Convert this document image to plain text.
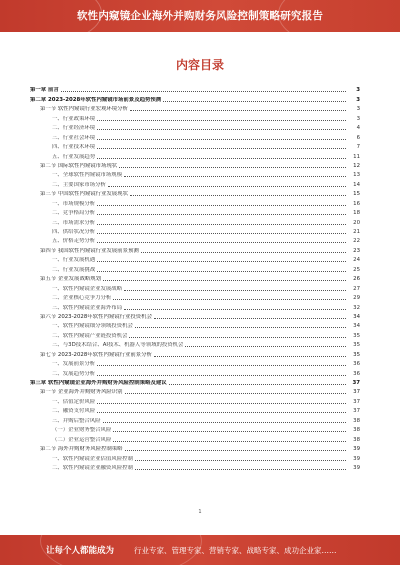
软性内窥镜企业海外并购财务风险控制策略研究报告
内容目录
第一章 前言	3
第二章 2023-2028年软性内窥镜市场前景及趋势预测	3
第一节 软性内窥镜行业宏观环境分析	3
一、行业政策环境	3
二、行业经济环境	4
三、行业社会环境	6
四、行业技术环境	7
五、行业发展趋势	11
第二节 国际软性内窥镜市场现状	12
一、全球软性内窥镜市场规模	13
二、主要国家市场分析	14
第三节 中国软性内窥镜行业发展现状	15
一、市场规模分析	16
二、竞争格局分析	18
三、市场需求分析	20
四、供给状况分析	21
五、价格走势分析	22
第四节 我国软性内窥镜行业发展前景预测	23
一、行业发展机遇	24
二、行业发展挑战	25
第五节 企业发展战略规划	26
一、软性内窥镜企业发展战略	27
二、企业核心竞争力分析	29
三、软性内窥镜企业海外布局	32
第六节 2023-2028年软性内窥镜行业投资机会	34
一、软性内窥镜细分领域投资机会	34
二、软性内窥镜产业链投资机会	35
三、与3D技术结合、AI技术、机器人等领域的投资机会	35
第七节 2023-2028年软性内窥镜行业前景分析	35
一、发展前景分析	36
二、发展趋势分析	36
第三章 软性内窥镜企业海外并购财务风险控制策略及建议	37
第一节 企业海外并购财务风险识别	37
一、估值定价风险	37
二、融资支付风险	37
三、并购后整合风险	38
（一）企业财务整合风险	38
（二）企业运营整合风险	38
第二节 海外并购财务风险控制策略	39
一、软性内窥镜企业估值风险控制	39
二、软性内窥镜企业融资风险控制	39
1
让每个人都能成为	行业专家、管理专家、营销专家、战略专家、成功企业家……
